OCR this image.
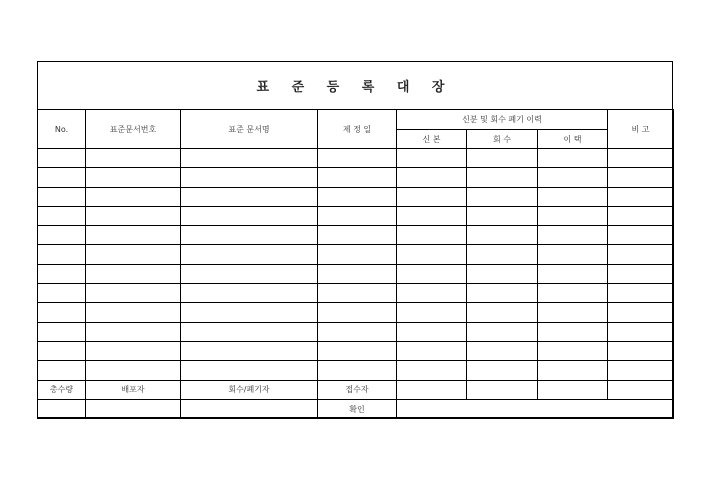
표 준 등 록 대 장
No.	표준문서번호	표준 문서명	제 정 일	신분 및 회수 폐기 이력			비 고
				신 본	회 수	이 택	

총수량	배포자	회수/폐기자	접수자				
			확인				
